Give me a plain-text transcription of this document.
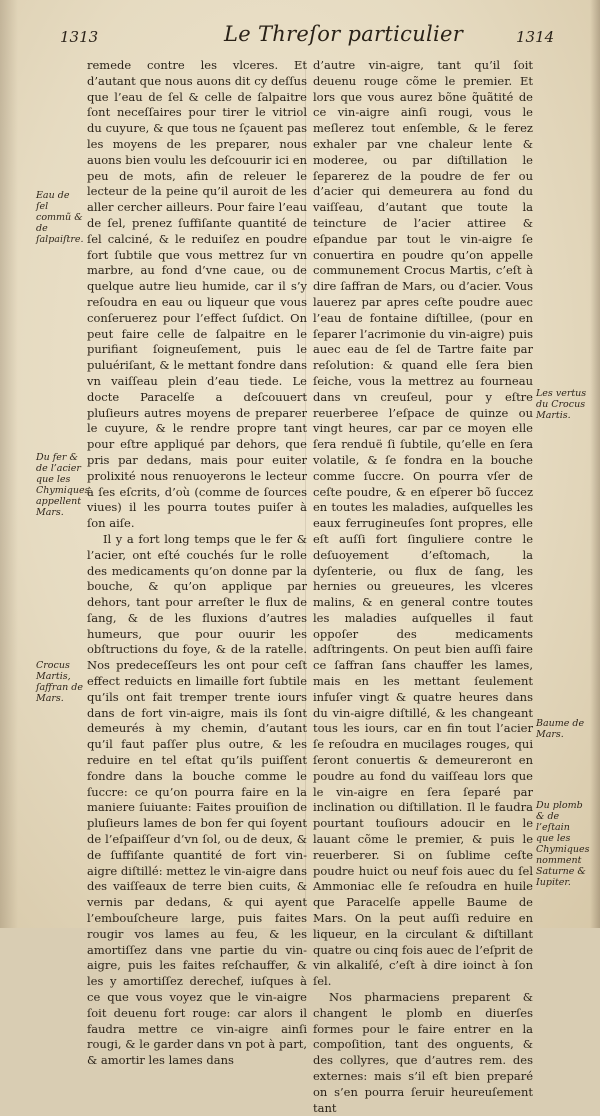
1313	Le Threſor particulier	1314

remede contre les vlceres. Et d’autant que nous auons dit cy deſſus que l’eau de ſel & celle de ſalpaitre ſont neceſſaires pour tirer le vitriol du cuyure, & que tous ne ſçauent pas les moyens de les preparer, nous auons bien voulu les deſcouurir ici en peu de mots, afin de releuer le lecteur de la peine qu’il auroit de les aller cercher ailleurs. Pour faire l’eau de ſel, prenez ſuffiſante quantité de ſel calciné, & le reduiſez en poudre fort ſubtile que vous mettrez ſur vn marbre, au fond d’vne caue, ou de quelque autre lieu humide, car il s’y reſoudra en eau ou liqueur que vous conſeruerez pour l’effect ſuſdict. On peut faire celle de ſalpaitre en le purifiant ſoigneuſement, puis le puluériſant, & le mettant fondre dans vn vaiſſeau plein d’eau tiede. Le docte Paracelſe a deſcouuert pluſieurs autres moyens de preparer le cuyure, & le rendre propre tant pour eſtre appliqué par dehors, que pris par dedans, mais pour euiter prolixité nous renuoyerons le lecteur à ſes eſcrits, d’où (comme de ſources viues) il les pourra toutes puiſer à ſon aiſe.

Il y a fort long temps que le fer & l’acier, ont eſté couchés ſur le rolle des medicaments qu’on donne par la bouche, & qu’on applique par dehors, tant pour arreſter le flux de ſang, & de les fluxions d’autres humeurs, que pour ouurir les obſtructions du foye, & de la ratelle. Nos predeceſſeurs les ont pour ceſt effect reduicts en limaille fort ſubtile qu’ils ont fait tremper trente iours dans de fort vin-aigre, mais ils ſont demeurés à my chemin, d’autant qu’il faut paſſer plus outre, & les reduire en tel eſtat qu’ils puiſſent fondre dans la bouche comme le ſuccre: ce qu’on pourra faire en la maniere ſuiuante: Faites prouiſion de pluſieurs lames de bon fer qui ſoyent de l’eſpaiſſeur d’vn ſol, ou de deux, & de ſuffiſante quantité de fort vin-aigre diſtillé: mettez le vin-aigre dans des vaiſſeaux de terre bien cuits, & vernis par dedans, & qui ayent l’embouſcheure large, puis faites rougir vos lames au feu, & les amortiſſez dans vne partie du vin-aigre, puis les faites reſchauffer, & les y amortiſſez derechef, iuſques à ce que vous voyez que le vin-aigre ſoit deuenu fort rouge: car alors il faudra mettre ce vin-aigre ainſi rougi, & le garder dans vn pot à part, & amortir les lames dans

d’autre vin-aigre, tant qu’il ſoit deuenu rouge cõme le premier. Et lors que vous aurez bõne q̃uãtité de ce vin-aigre ainſi rougi, vous le meſlerez tout enſemble, & le ferez exhaler par vne chaleur lente & moderee, ou par diſtillation le ſeparerez de la poudre de fer ou d’acier qui demeurera au fond du vaiſſeau, d’autant que toute la teincture de l’acier attiree & eſpandue par tout le vin-aigre ſe conuertira en poudre qu’on appelle communement Crocus Martis, c’eſt à dire ſaffran de Mars, ou d’acier. Vous lauerez par apres ceſte poudre auec l’eau de fontaine diſtillee, (pour en ſeparer l’acrimonie du vin-aigre) puis auec eau de ſel de Tartre faite par reſolution: & quand elle ſera bien ſeiche, vous la mettrez au fourneau dans vn creuſeul, pour y eſtre reuerberee l’eſpace de quinze ou vingt heures, car par ce moyen elle ſera renduë ſi ſubtile, qu’elle en ſera volatile, & ſe fondra en la bouche comme ſuccre. On pourra vſer de ceſte poudre, & en eſperer bõ ſuccez en toutes les maladies, auſquelles les eaux ferrugineuſes ſont propres, elle eſt auſſi fort ſinguliere contre le deſuoyement d’eſtomach, la dyſenterie, ou flux de ſang, les hernies ou greueures, les vlceres malins, & en general contre toutes les maladies auſquelles il faut oppoſer des medicaments adſtringents. On peut bien auſſi faire ce ſaffran ſans chauffer les lames, mais en les mettant ſeulement infuſer vingt & quatre heures dans du vin-aigre diſtillé, & les changeant tous les iours, car en fin tout l’acier ſe reſoudra en mucilages rouges, qui ſeront conuertis & demeureront en poudre au fond du vaiſſeau lors que le vin-aigre en ſera ſeparé par inclination ou diſtillation. Il le faudra pourtant touſiours adoucir en le lauant cõme le premier, & puis le reuerberer. Si on ſublime ceſte poudre huict ou neuf fois auec du ſel Ammoniac elle ſe reſoudra en huile que Paracelſe appelle Baume de Mars. On la peut auſſi reduire en liqueur, en la circulant & diſtillant quatre ou cinq fois auec de l’eſprit de vin alkaliſé, c’eſt à dire ioinct à ſon ſel.

Nos pharmaciens preparent & changent le plomb en diuerſes formes pour le faire entrer en la compoſition, tant des onguents, & des collyres, que d’autres rem. des externes: mais s’il eſt bien preparé on s’en pourra ſeruir heureuſement tant

Eau de ſel commũ & de ſalpaiſtre.
Du fer & de l’acier que les Chymiques appellent Mars.
Crocus Martis, ſaffran de Mars.
Les vertus du Crocus Martis.
Baume de Mars.
Du plomb & de l’eſtain que les Chymiques nomment Saturne & Iupiter.
